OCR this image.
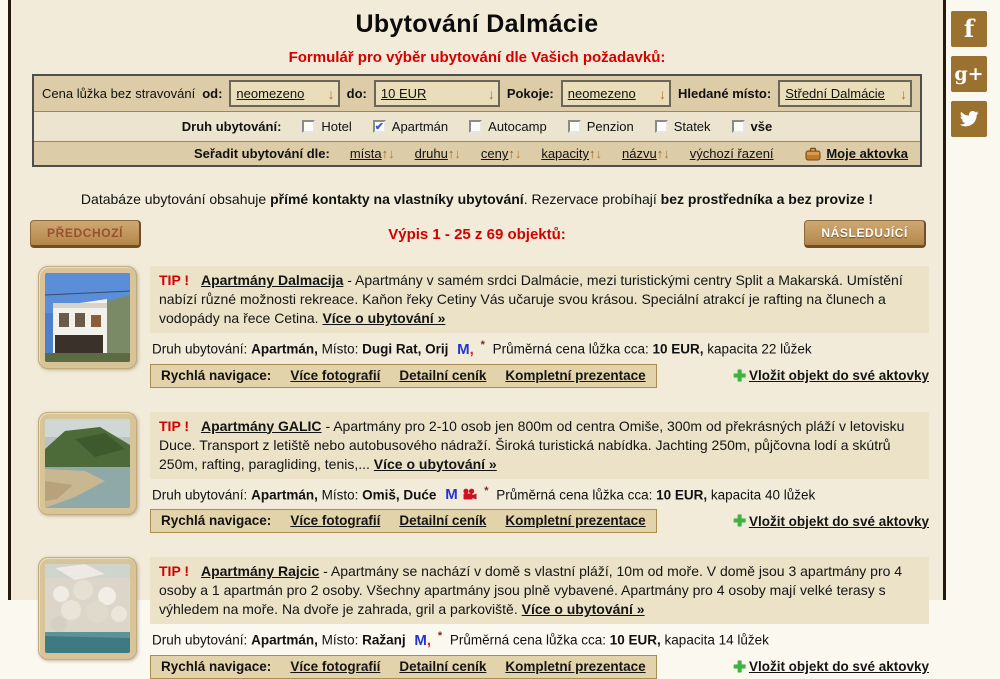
Ubytování Dalmácie
Formulář pro výběr ubytování dle Vašich požadavků:
Cena lůžka bez stravování od: neomezeno ↓ do: 10 EUR	↓ Pokoje: neomezeno ↓ Hledané místo: Střední Dalmácie ↓
Druh ubytování:	Hotel ✔ Apartmán	Autocamp	Penzion	Statek	vše
Seřadit ubytování dle: místa↑↓ druhu↑↓ ceny↑↓ kapacity↑↓ názvu↑↓ výchozí řazení	Moje aktovka

Databáze ubytování obsahuje přímé kontakty na vlastníky ubytování. Rezervace probíhají bez prostředníka a bez provize !

PŘEDCHOZÍ	Výpis 1 - 25 z 69 objektů:	NÁSLEDUJÍCÍ
TIP ! Apartmány Dalmacija - Apartmány v samém srdci Dalmácie, mezi turistickými centry Split a Makarská. Umístění nabízí různé možnosti rekreace. Kaňon řeky Cetiny Vás učaruje svou krásou. Speciální atrakcí je rafting na člunech a vodopády na řece Cetina. Více o ubytování »
Druh ubytování: Apartmán, Místo: Dugi Rat, Orij M, * Průměrná cena lůžka cca: 10 EUR, kapacita 22 lůžek
Rychlá navigace: Více fotografií Detailní ceník Kompletní prezentace	✚ Vložit objekt do své aktovky
TIP ! Apartmány GALIC - Apartmány pro 2-10 osob jen 800m od centra Omiše, 300m od překrásných pláží v letovisku Duce. Transport z letiště nebo autobusového nádraží. Široká turistická nabídka. Jachting 250m, půjčovna lodí a skútrů 250m, rafting, paragliding, tenis,... Více o ubytování »
Druh ubytování: Apartmán, Místo: Omiš, Duće M * Průměrná cena lůžka cca: 10 EUR, kapacita 40 lůžek
Rychlá navigace: Více fotografií Detailní ceník Kompletní prezentace	✚ Vložit objekt do své aktovky
TIP ! Apartmány Rajcic - Apartmány se nachází v domě s vlastní pláží, 10m od moře. V domě jsou 3 apartmány pro 4 osoby a 1 apartmán pro 2 osoby. Všechny apartmány jsou plně vybavené. Apartmány pro 4 osoby mají velké terasy s výhledem na moře. Na dvoře je zahrada, gril a parkoviště. Více o ubytování »
Druh ubytování: Apartmán, Místo: Ražanj M, * Průměrná cena lůžka cca: 10 EUR, kapacita 14 lůžek
Rychlá navigace: Více fotografií Detailní ceník Kompletní prezentace	✚ Vložit objekt do své aktovky
f
g+
